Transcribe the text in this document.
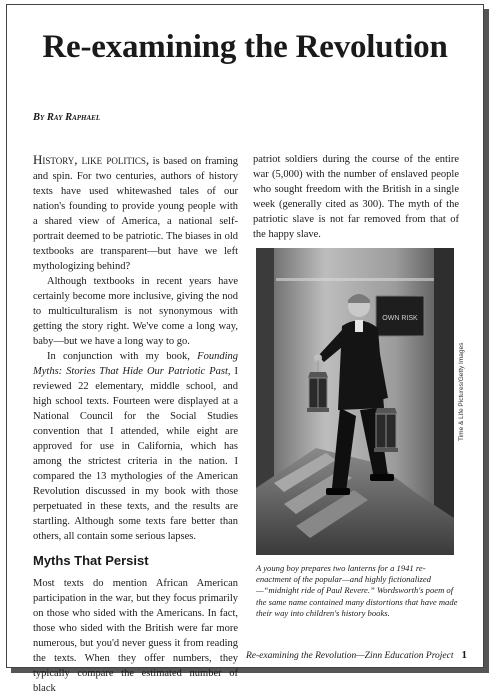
Re-examining the Revolution
By Ray Raphael

History, like politics, is based on framing and spin. For two centuries, authors of history texts have used whitewashed tales of our nation's founding to provide young people with a shared view of America, a national self-portrait deemed to be patriotic. The biases in old textbooks are transparent—but have we left mythologizing behind?

Although textbooks in recent years have certainly become more inclusive, giving the nod to multiculturalism is not synonymous with getting the story right. We've come a long way, baby—but we have a long way to go.

In conjunction with my book, Founding Myths: Stories That Hide Our Patriotic Past, I reviewed 22 elementary, middle school, and high school texts. Fourteen were displayed at a National Council for the Social Studies convention that I attended, while eight are approved for use in California, which has among the strictest criteria in the nation. I compared the 13 mythologies of the American Revolution discussed in my book with those perpetuated in these texts, and the results are startling. Although some texts fare better than others, all contain some serious lapses.

Myths That Persist

Most texts do mention African American participation in the war, but they focus primarily on those who sided with the Americans. In fact, those who sided with the British were far more numerous, but you'd never guess it from reading the texts. When they offer numbers, they typically compare the estimated number of black

patriot soldiers during the course of the entire war (5,000) with the number of enslaved people who sought freedom with the British in a single week (generally cited as 300). The myth of the patriotic slave is not far removed from that of the happy slave.

OWN RISK
Time & Life Pictures/Getty Images

A young boy prepares two lanterns for a 1941 re-enactment of the popular—and highly fictionalized—“midnight ride of Paul Revere.” Wordsworth's poem of the same name contained many distortions that have made their way into children's history books.

Re-examining the Revolution—Zinn Education Project 1
